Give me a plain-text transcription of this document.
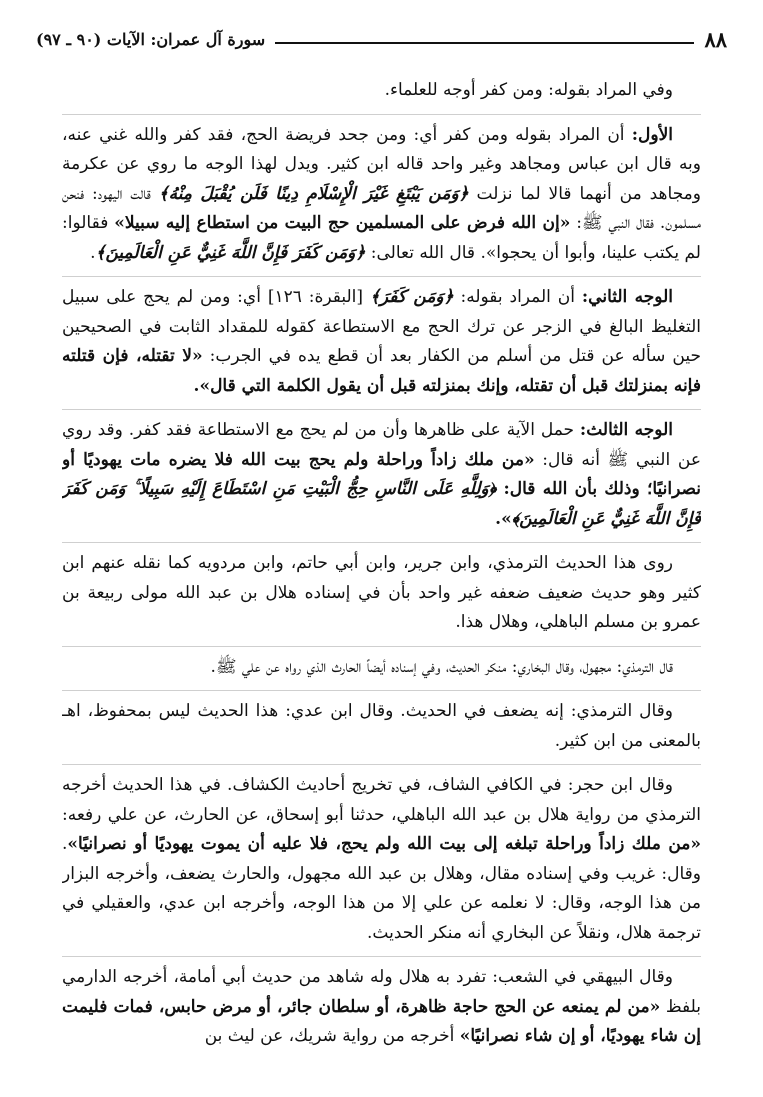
٨٨
سورة آل عمران: الآيات (٩٠ ـ ٩٧)

وفي المراد بقوله: ومن كفر أوجه للعلماء.

الأول: أن المراد بقوله ومن كفر أي: ومن جحد فريضة الحج، فقد كفر والله غني عنه، وبه قال ابن عباس ومجاهد وغير واحد قاله ابن كثير. ويدل لهذا الوجه ما روي عن عكرمة ومجاهد من أنهما قالا لما نزلت ﴿وَمَن يَبْتَغِ غَيْرَ الْإِسْلَامِ دِينًا فَلَن يُقْبَلَ مِنْهُ﴾ قالت اليهود: فنحن مسلمون. فقال النبي ﷺ: «إن الله فرض على المسلمين حج البيت من استطاع إليه سبيلا» فقالوا: لم يكتب علينا، وأبوا أن يحجوا». قال الله تعالى: ﴿وَمَن كَفَرَ فَإِنَّ اللَّهَ غَنِيٌّ عَنِ الْعَالَمِينَ﴾.

الوجه الثاني: أن المراد بقوله: ﴿وَمَن كَفَرَ﴾ [البقرة: ١٢٦] أي: ومن لم يحج على سبيل التغليظ البالغ في الزجر عن ترك الحج مع الاستطاعة كقوله للمقداد الثابت في الصحيحين حين سأله عن قتل من أسلم من الكفار بعد أن قطع يده في الجرب: «لا تقتله، فإن قتلته فإنه بمنزلتك قبل أن تقتله، وإنك بمنزلته قبل أن يقول الكلمة التي قال».

الوجه الثالث: حمل الآية على ظاهرها وأن من لم يحج مع الاستطاعة فقد كفر. وقد روي عن النبي ﷺ أنه قال: «من ملك زاداً وراحلة ولم يحج بيت الله فلا يضره مات يهوديًا أو نصرانيًا؛ وذلك بأن الله قال: ﴿وَلِلَّهِ عَلَى النَّاسِ حِجُّ الْبَيْتِ مَنِ اسْتَطَاعَ إِلَيْهِ سَبِيلًا ۚ وَمَن كَفَرَ فَإِنَّ اللَّهَ غَنِيٌّ عَنِ الْعَالَمِينَ﴾».

روى هذا الحديث الترمذي، وابن جرير، وابن أبي حاتم، وابن مردويه كما نقله عنهم ابن كثير وهو حديث ضعيف ضعفه غير واحد بأن في إسناده هلال بن عبد الله مولى ربيعة بن عمرو بن مسلم الباهلي، وهلال هذا.

قال الترمذي: مجهول، وقال البخاري: منكر الحديث، وفي إسناده أيضاً الحارث الذي رواه عن علي ﷺ.

وقال الترمذي: إنه يضعف في الحديث. وقال ابن عدي: هذا الحديث ليس بمحفوظ، اهـ بالمعنى من ابن كثير.

وقال ابن حجر: في الكافي الشاف، في تخريج أحاديث الكشاف. في هذا الحديث أخرجه الترمذي من رواية هلال بن عبد الله الباهلي، حدثنا أبو إسحاق، عن الحارث، عن علي رفعه: «من ملك زاداً وراحلة تبلغه إلى بيت الله ولم يحج، فلا عليه أن يموت يهوديًا أو نصرانيًا». وقال: غريب وفي إسناده مقال، وهلال بن عبد الله مجهول، والحارث يضعف، وأخرجه البزار من هذا الوجه، وقال: لا نعلمه عن علي إلا من هذا الوجه، وأخرجه ابن عدي، والعقيلي في ترجمة هلال، ونقلاً عن البخاري أنه منكر الحديث.

وقال البيهقي في الشعب: تفرد به هلال وله شاهد من حديث أبي أمامة، أخرجه الدارمي بلفظ «من لم يمنعه عن الحج حاجة ظاهرة، أو سلطان جائر، أو مرض حابس، فمات فليمت إن شاء يهوديًا، أو إن شاء نصرانيًا» أخرجه من رواية شريك، عن ليث بن
